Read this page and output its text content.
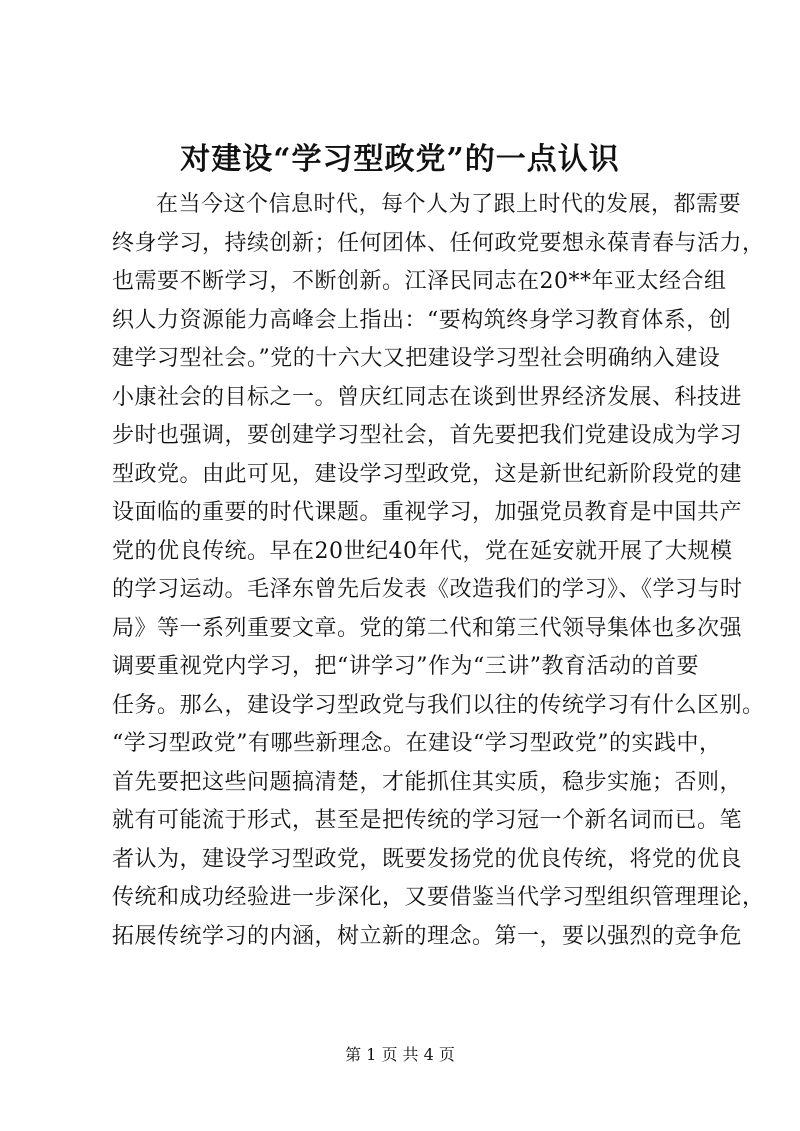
对建设“学习型政党”的一点认识
在当今这个信息时代，每个人为了跟上时代的发展，都需要
终身学习，持续创新；任何团体、任何政党要想永葆青春与活力，
也需要不断学习，不断创新。江泽民同志在20**年亚太经合组
织人力资源能力高峰会上指出：“要构筑终身学习教育体系，创
建学习型社会。”党的十六大又把建设学习型社会明确纳入建设
小康社会的目标之一。曾庆红同志在谈到世界经济发展、科技进
步时也强调，要创建学习型社会，首先要把我们党建设成为学习
型政党。由此可见，建设学习型政党，这是新世纪新阶段党的建
设面临的重要的时代课题。重视学习，加强党员教育是中国共产
党的优良传统。早在20世纪40年代，党在延安就开展了大规模
的学习运动。毛泽东曾先后发表《改造我们的学习》、《学习与时
局》等一系列重要文章。党的第二代和第三代领导集体也多次强
调要重视党内学习，把“讲学习”作为“三讲”教育活动的首要
任务。那么，建设学习型政党与我们以往的传统学习有什么区别。
“学习型政党”有哪些新理念。在建设“学习型政党”的实践中，
首先要把这些问题搞清楚，才能抓住其实质，稳步实施；否则，
就有可能流于形式，甚至是把传统的学习冠一个新名词而已。笔
者认为，建设学习型政党，既要发扬党的优良传统，将党的优良
传统和成功经验进一步深化，又要借鉴当代学习型组织管理理论，
拓展传统学习的内涵，树立新的理念。第一，要以强烈的竞争危
第 1 页 共 4 页
